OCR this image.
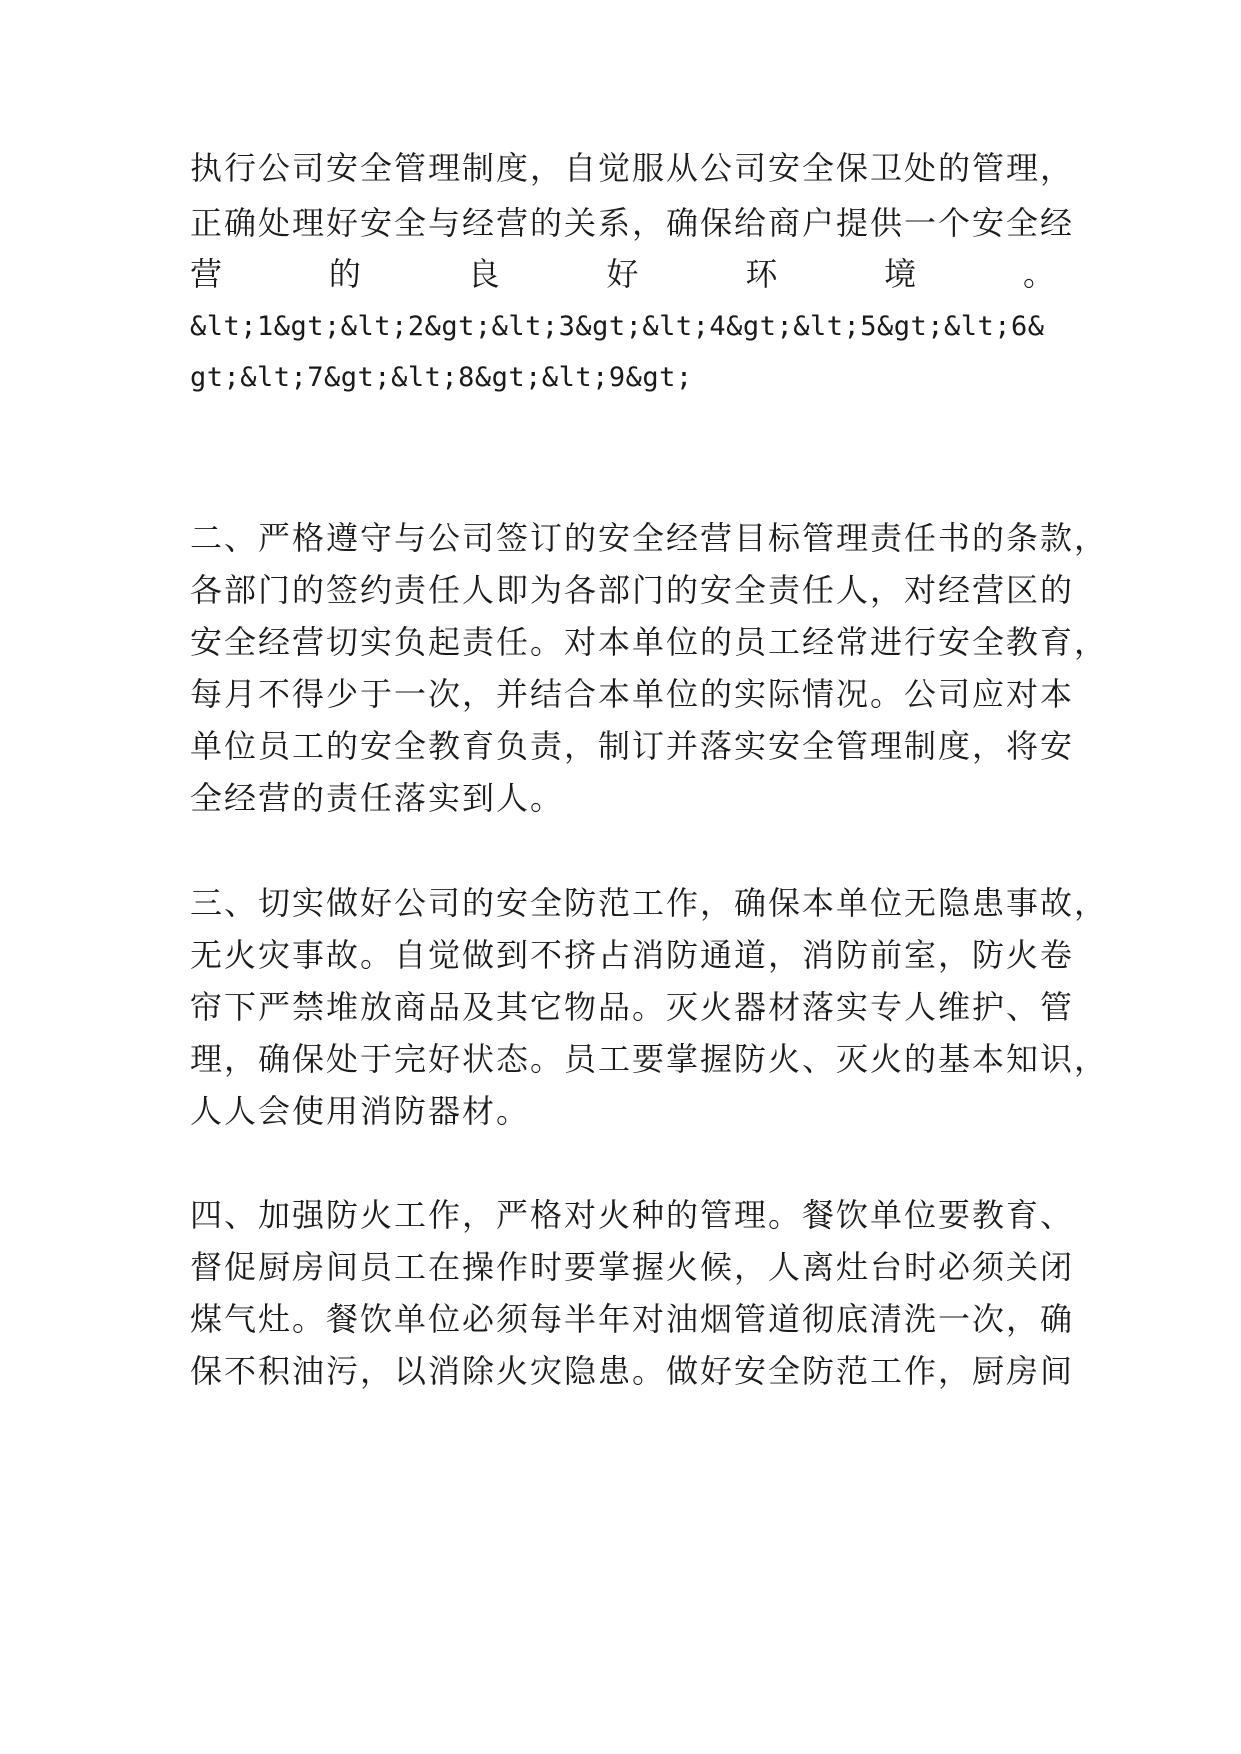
执行公司安全管理制度，自觉服从公司安全保卫处的管理，
正确处理好安全与经营的关系，确保给商户提供一个安全经
营	的	良	好	环	境	。
&lt;1&gt;&lt;2&gt;&lt;3&gt;&lt;4&gt;&lt;5&gt;&lt;6&
gt;&lt;7&gt;&lt;8&gt;&lt;9&gt;
二、严格遵守与公司签订的安全经营目标管理责任书的条款，
各部门的签约责任人即为各部门的安全责任人，对经营区的
安全经营切实负起责任。对本单位的员工经常进行安全教育，
每月不得少于一次，并结合本单位的实际情况。公司应对本
单位员工的安全教育负责，制订并落实安全管理制度，将安
全经营的责任落实到人。
三、切实做好公司的安全防范工作，确保本单位无隐患事故，
无火灾事故。自觉做到不挤占消防通道，消防前室，防火卷
帘下严禁堆放商品及其它物品。灭火器材落实专人维护、管
理，确保处于完好状态。员工要掌握防火、灭火的基本知识，
人人会使用消防器材。
四、加强防火工作，严格对火种的管理。餐饮单位要教育、
督促厨房间员工在操作时要掌握火候，人离灶台时必须关闭
煤气灶。餐饮单位必须每半年对油烟管道彻底清洗一次，确
保不积油污，以消除火灾隐患。做好安全防范工作，厨房间
